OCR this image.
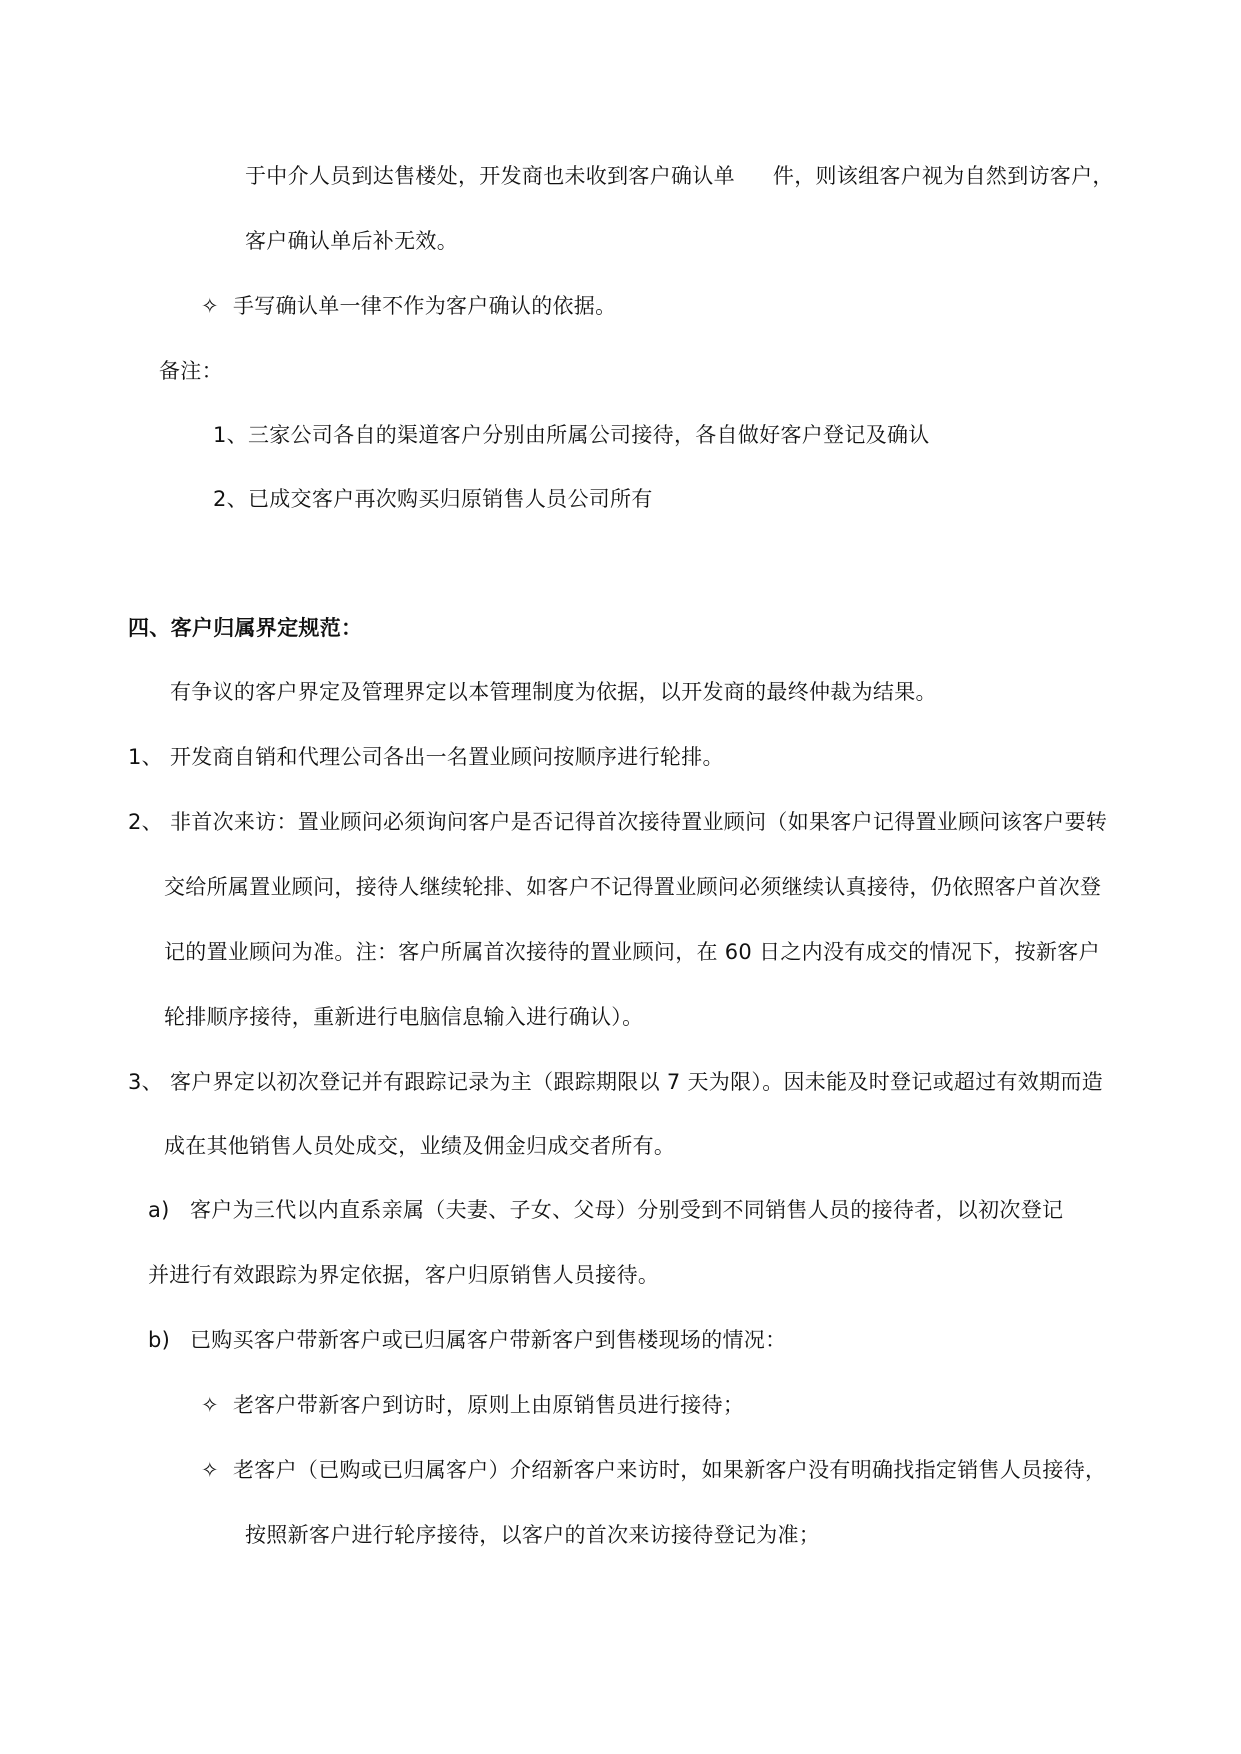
于中介人员到达售楼处，开发商也未收到客户确认单 件，则该组客户视为自然到访客户，
客户确认单后补无效。
✧ 手写确认单一律不作为客户确认的依据。
备注：
1、三家公司各自的渠道客户分别由所属公司接待，各自做好客户登记及确认
2、已成交客户再次购买归原销售人员公司所有
四、客户归属界定规范：
有争议的客户界定及管理界定以本管理制度为依据，以开发商的最终仲裁为结果。
1、 开发商自销和代理公司各出一名置业顾问按顺序进行轮排。
2、 非首次来访：置业顾问必须询问客户是否记得首次接待置业顾问（如果客户记得置业顾问该客户要转
交给所属置业顾问，接待人继续轮排、如客户不记得置业顾问必须继续认真接待，仍依照客户首次登
记的置业顾问为准。注：客户所属首次接待的置业顾问，在 60 日之内没有成交的情况下，按新客户
轮排顺序接待，重新进行电脑信息输入进行确认）。
3、 客户界定以初次登记并有跟踪记录为主（跟踪期限以 7 天为限）。因未能及时登记或超过有效期而造
成在其他销售人员处成交，业绩及佣金归成交者所有。
a) 客户为三代以内直系亲属（夫妻、子女、父母）分别受到不同销售人员的接待者，以初次登记
并进行有效跟踪为界定依据，客户归原销售人员接待。
b) 已购买客户带新客户或已归属客户带新客户到售楼现场的情况：
✧ 老客户带新客户到访时，原则上由原销售员进行接待；
✧ 老客户（已购或已归属客户）介绍新客户来访时，如果新客户没有明确找指定销售人员接待，
按照新客户进行轮序接待，以客户的首次来访接待登记为准；
